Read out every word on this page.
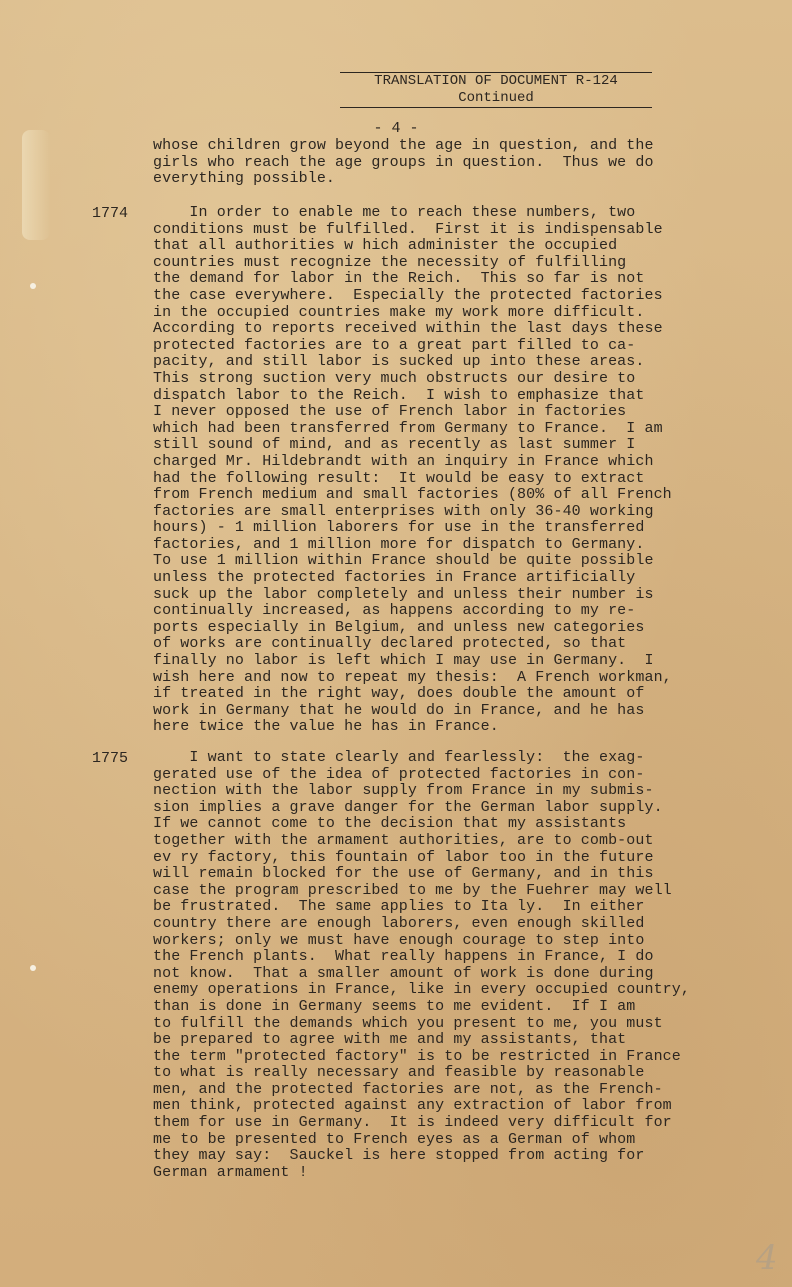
TRANSLATION OF DOCUMENT R-124
Continued
- 4 -
whose children grow beyond the age in question, and the
girls who reach the age groups in question.  Thus we do
everything possible.
1774 In order to enable me to reach these numbers, two
conditions must be fulfilled.  First it is indispensable
that all authorities w hich administer the occupied
countries must recognize the necessity of fulfilling
the demand for labor in the Reich.  This so far is not
the case everywhere.  Especially the protected factories
in the occupied countries make my work more difficult.
According to reports received within the last days these
protected factories are to a great part filled to ca-
pacity, and still labor is sucked up into these areas.
This strong suction very much obstructs our desire to
dispatch labor to the Reich.  I wish to emphasize that
I never opposed the use of French labor in factories
which had been transferred from Germany to France.  I am
still sound of mind, and as recently as last summer I
charged Mr. Hildebrandt with an inquiry in France which
had the following result:  It would be easy to extract
from French medium and small factories (80% of all French
factories are small enterprises with only 36-40 working
hours) - 1 million laborers for use in the transferred
factories, and 1 million more for dispatch to Germany.
To use 1 million within France should be quite possible
unless the protected factories in France artificially
suck up the labor completely and unless their number is
continually increased, as happens according to my re-
ports especially in Belgium, and unless new categories
of works are continually declared protected, so that
finally no labor is left which I may use in Germany.  I
wish here and now to repeat my thesis:  A French workman,
if treated in the right way, does double the amount of
work in Germany that he would do in France, and he has
here twice the value he has in France.
1775 I want to state clearly and fearlessly:  the exag-
gerated use of the idea of protected factories in con-
nection with the labor supply from France in my submis-
sion implies a grave danger for the German labor supply.
If we cannot come to the decision that my assistants
together with the armament authorities, are to comb-out
ev ry factory, this fountain of labor too in the future
will remain blocked for the use of Germany, and in this
case the program prescribed to me by the Fuehrer may well
be frustrated.  The same applies to Ita ly.  In either
country there are enough laborers, even enough skilled
workers; only we must have enough courage to step into
the French plants.  What really happens in France, I do
not know.  That a smaller amount of work is done during
enemy operations in France, like in every occupied country,
than is done in Germany seems to me evident.  If I am
to fulfill the demands which you present to me, you must
be prepared to agree with me and my assistants, that
the term "protected factory" is to be restricted in France
to what is really necessary and feasible by reasonable
men, and the protected factories are not, as the French-
men think, protected against any extraction of labor from
them for use in Germany.  It is indeed very difficult for
me to be presented to French eyes as a German of whom
they may say:  Sauckel is here stopped from acting for
German armament !
4
